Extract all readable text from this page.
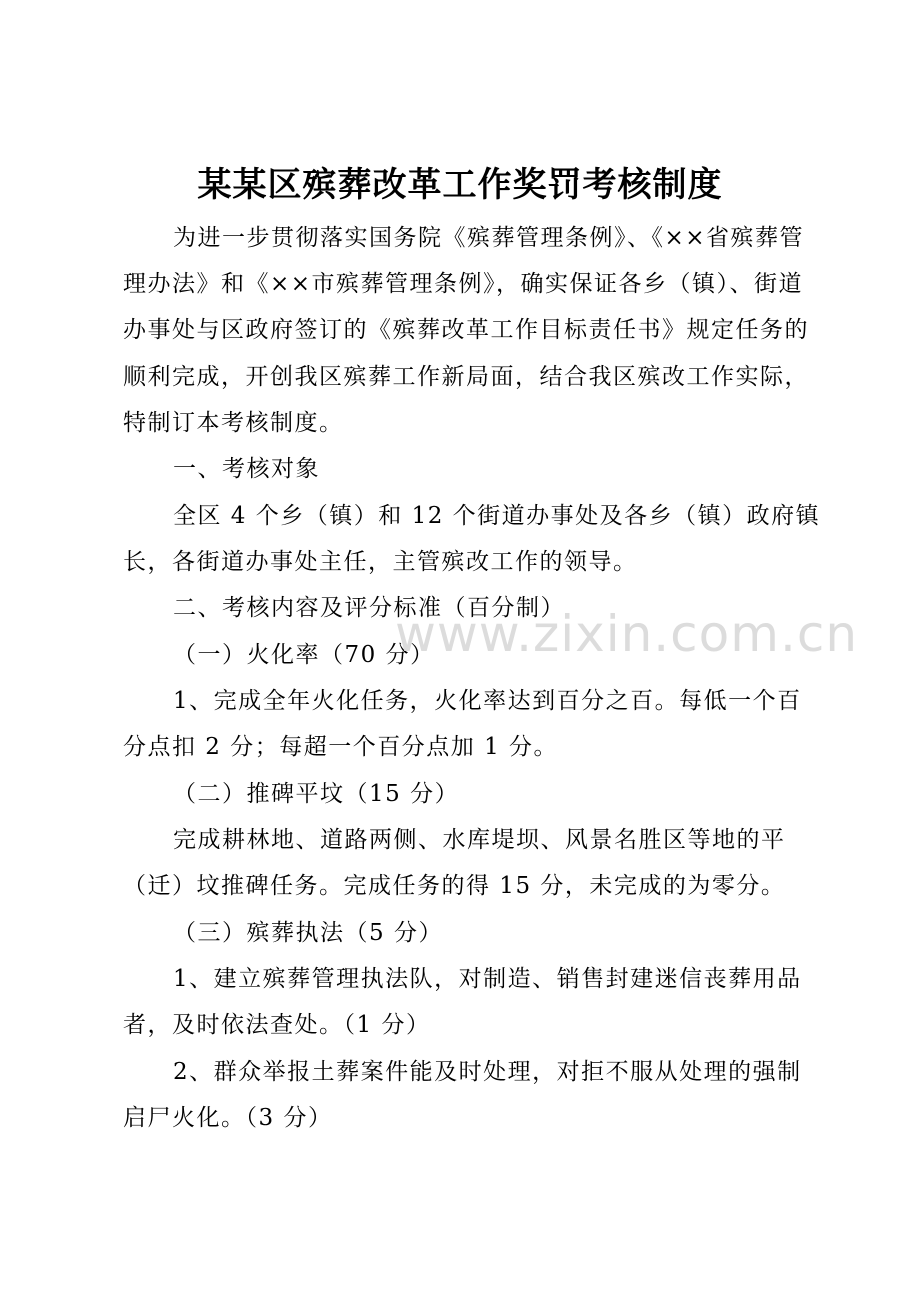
某某区殡葬改革工作奖罚考核制度
为进一步贯彻落实国务院《殡葬管理条例》、《××省殡葬管
理办法》和《××市殡葬管理条例》，确实保证各乡（镇）、街道
办事处与区政府签订的《殡葬改革工作目标责任书》规定任务的
顺利完成，开创我区殡葬工作新局面，结合我区殡改工作实际，
特制订本考核制度。
一、考核对象
全区 4 个乡（镇）和 12 个街道办事处及各乡（镇）政府镇
长，各街道办事处主任，主管殡改工作的领导。
二、考核内容及评分标准（百分制）
（一）火化率（70 分）
1、完成全年火化任务，火化率达到百分之百。每低一个百
分点扣 2 分；每超一个百分点加 1 分。
（二）推碑平坟（15 分）
完成耕林地、道路两侧、水库堤坝、风景名胜区等地的平
（迁）坟推碑任务。完成任务的得 15 分，未完成的为零分。
（三）殡葬执法（5 分）
1、建立殡葬管理执法队，对制造、销售封建迷信丧葬用品
者，及时依法查处。（1 分）
2、群众举报土葬案件能及时处理，对拒不服从处理的强制
启尸火化。（3 分）
www.zixin.com.cn
